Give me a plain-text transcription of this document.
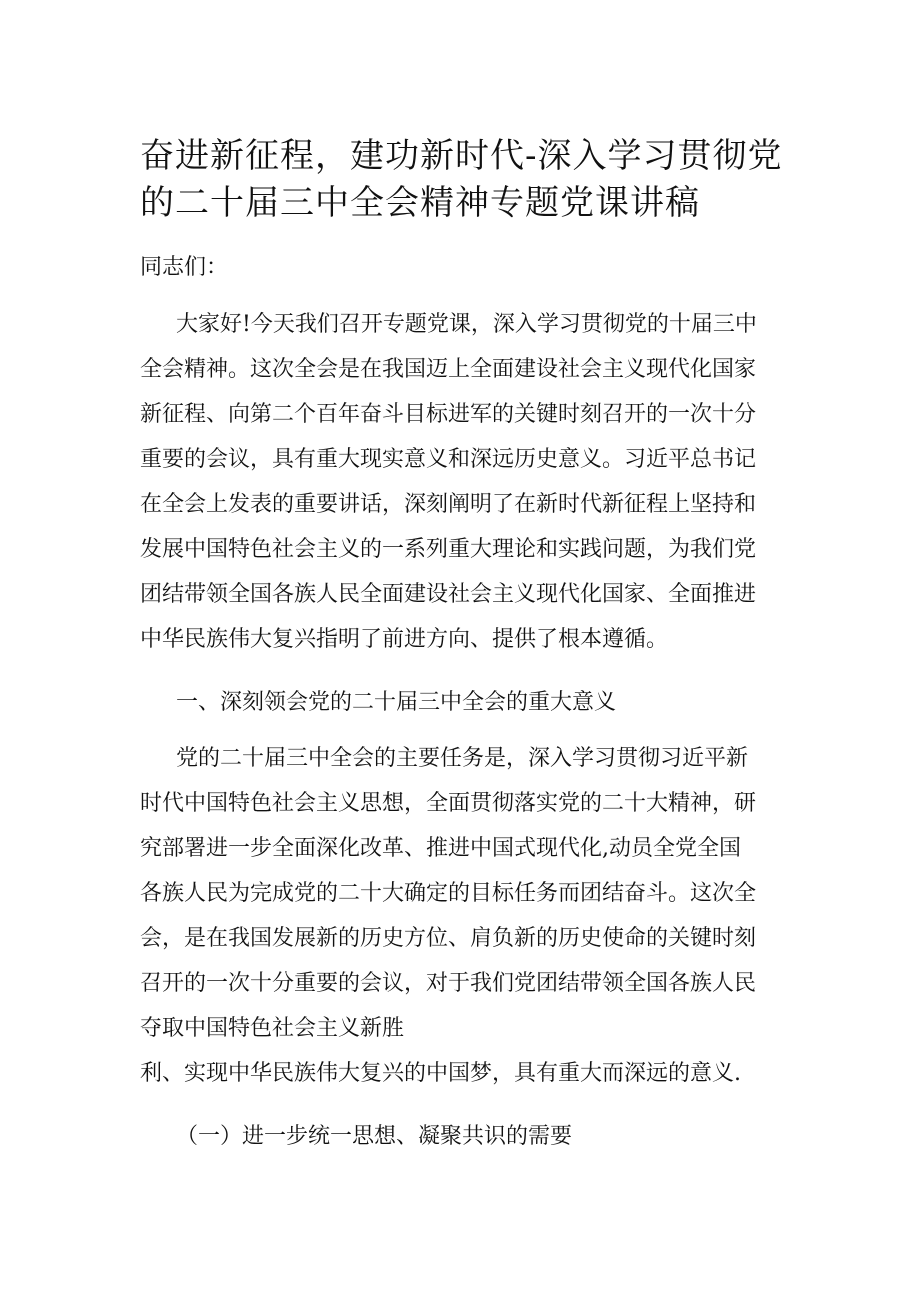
奋进新征程，建功新时代-深入学习贯彻党
的二十届三中全会精神专题党课讲稿

同志们：

大家好!今天我们召开专题党课，深入学习贯彻党的十届三中

全会精神。这次全会是在我国迈上全面建设社会主义现代化国家

新征程、向第二个百年奋斗目标进军的关键时刻召开的一次十分

重要的会议，具有重大现实意义和深远历史意义。习近平总书记

在全会上发表的重要讲话，深刻阐明了在新时代新征程上坚持和

发展中国特色社会主义的一系列重大理论和实践问题，为我们党

团结带领全国各族人民全面建设社会主义现代化国家、全面推进

中华民族伟大复兴指明了前进方向、提供了根本遵循。

一、深刻领会党的二十届三中全会的重大意义

党的二十届三中全会的主要任务是，深入学习贯彻习近平新

时代中国特色社会主义思想，全面贯彻落实党的二十大精神，研

究部署进一步全面深化改革、推进中国式现代化,动员全党全国

各族人民为完成党的二十大确定的目标任务而团结奋斗。这次全

会，是在我国发展新的历史方位、肩负新的历史使命的关键时刻

召开的一次十分重要的会议，对于我们党团结带领全国各族人民

夺取中国特色社会主义新胜

利、实现中华民族伟大复兴的中国梦，具有重大而深远的意义.

（一）进一步统一思想、凝聚共识的需要
